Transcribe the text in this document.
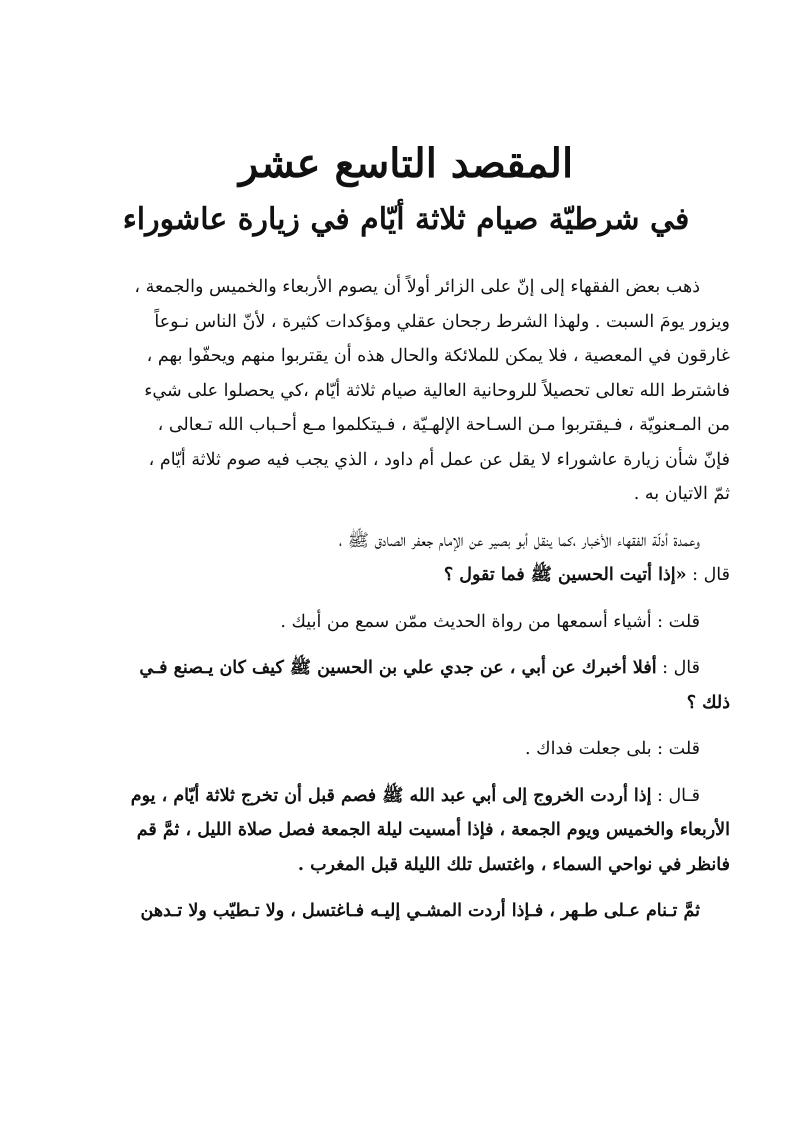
المقصد التاسع عشر
في شرطيّة صيام ثلاثة أيّام في زيارة عاشوراء

ذهب بعض الفقهاء إلى إنّ على الزائر أولاً أن يصوم الأربعاء والخميس والجمعة ،
ويزور يومَ السبت . ولهذا الشرط رجحان عقلي ومؤكدات كثيرة ، لأنّ الناس نـوعاً
غارقون في المعصية ، فلا يمكن للملائكة والحال هذه أن يقتربوا منهم ويحفّوا بهم ،
فاشترط الله تعالى تحصيلاً للروحانية العالية صيام ثلاثة أيّام ،كي يحصلوا على شيء
من المـعنويّة ، فـيقتربوا مـن السـاحة الإلهـيّة ، فـيتكلموا مـع أحـباب الله تـعالى ،
فإنّ شأن زيارة عاشوراء لا يقل عن عمل أم داود ، الذي يجب فيه صوم ثلاثة أيّام ،
ثمّ الاتيان به .

وعمدة أدلّة الفقهاء الأخبار ،كما ينقل أبو بصير عن الإمام جعفر الصادق ﷺ ،
قال : «إذا أتيت الحسين ﷺ فما تقول ؟

قلت : أشياء أسمعها من رواة الحديث ممّن سمع من أبيك .

قال : أفلا أخبرك عن أبي ، عن جدي علي بن الحسين ﷺ كيف كان يـصنع فـي
ذلك ؟

قلت : بلى جعلت فداك .

قـال : إذا أردت الخروج إلى أبي عبد الله ﷺ فصم قبل أن تخرج ثلاثة أيّام ، يوم
الأربعاء والخميس ويوم الجمعة ، فإذا أمسيت ليلة الجمعة فصل صلاة الليل ، ثمَّ قم
فانظر في نواحي السماء ، واغتسل تلك الليلة قبل المغرب .

ثمَّ تـنام عـلى طـهر ، فـإذا أردت المشـي إليـه فـاغتسل ، ولا تـطيّب ولا تـدهن
